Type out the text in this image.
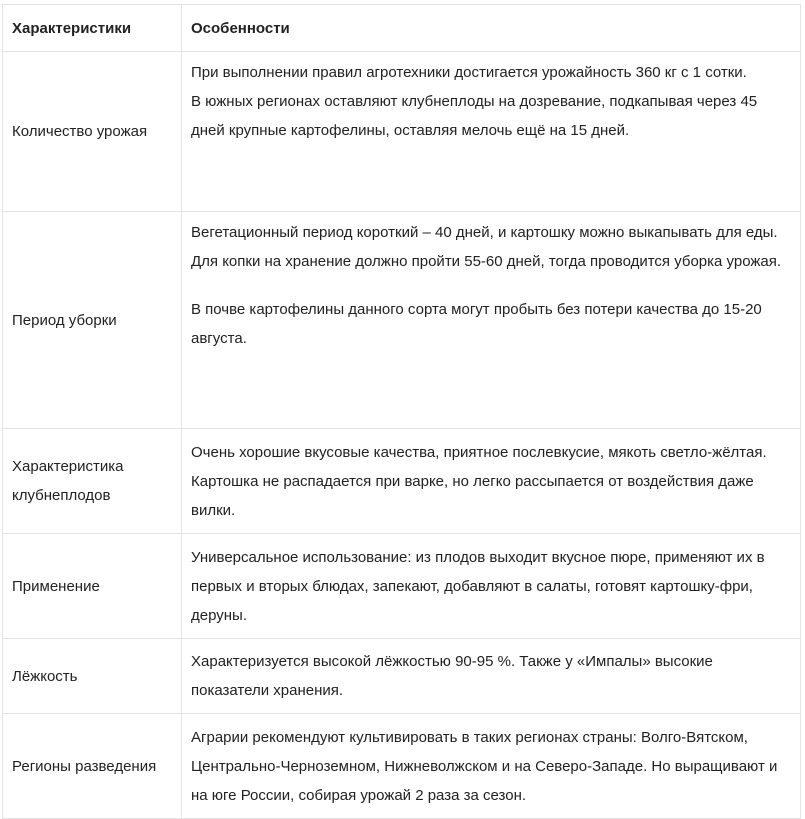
Характеристики	Особенности
Количество урожая	При выполнении правил агротехники достигается урожайность 360 кг с 1 сотки.

В южных регионах оставляют клубнеплоды на дозревание, подкапывая через 45 дней крупные картофелины, оставляя мелочь ещё на 15 дней.

Период уборки	Вегетационный период короткий – 40 дней, и картошку можно выкапывать для еды. Для копки на хранение должно пройти 55-60 дней, тогда проводится уборка урожая.

В почве картофелины данного сорта могут пробыть без потери качества до 15-20 августа.

Характеристика клубнеплодов	Очень хорошие вкусовые качества, приятное послевкусие, мякоть светло-жёлтая. Картошка не распадается при варке, но легко рассыпается от воздействия даже вилки.

Применение	Универсальное использование: из плодов выходит вкусное пюре, применяют их в первых и вторых блюдах, запекают, добавляют в салаты, готовят картошку-фри, деруны.

Лёжкость	Характеризуется высокой лёжкостью 90-95 %. Также у «Импалы» высокие показатели хранения.

Регионы разведения	Аграрии рекомендуют культивировать в таких регионах страны: Волго-Вятском, Центрально-Черноземном, Нижневолжском и на Северо-Западе. Но выращивают и на юге России, собирая урожай 2 раза за сезон.
